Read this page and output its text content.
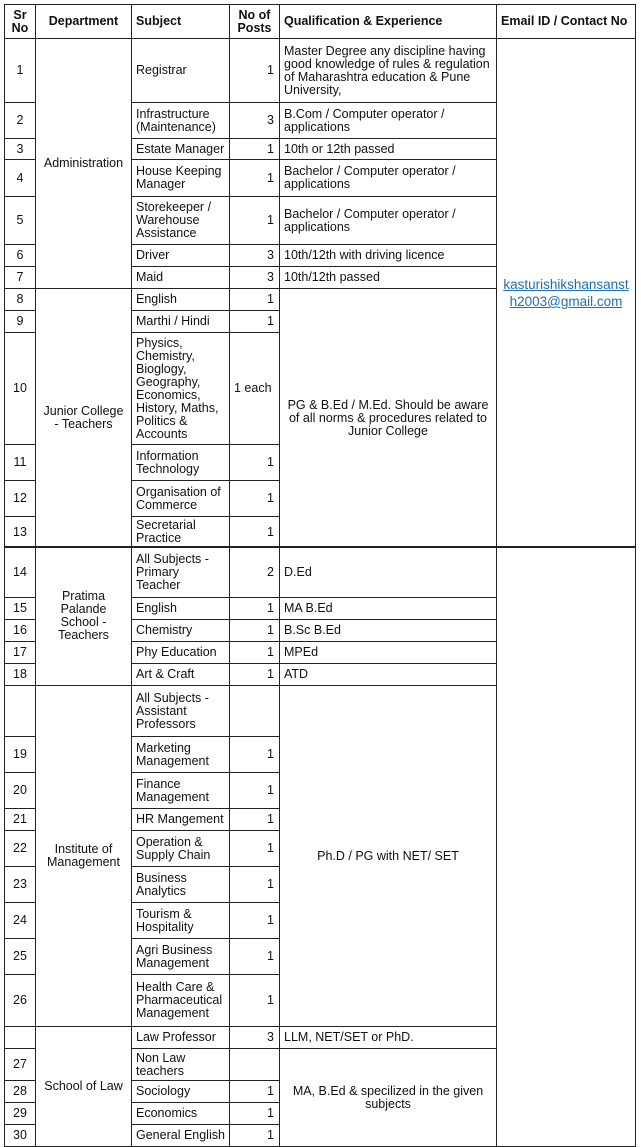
Sr No	Department	Subject	No of Posts	Qualification & Experience	Email ID / Contact No
1	Administration	Registrar	1	Master Degree any discipline having good knowledge of rules & regulation of Maharashtra education & Pune University,	kasturishikshansansth2003@gmail.com
2		Infrastructure (Maintenance)	3	B.Com / Computer operator / applications	
3		Estate Manager	1	10th or 12th passed	
4		House Keeping Manager	1	Bachelor / Computer operator / applications	
5		Storekeeper / Warehouse Assistance	1	Bachelor / Computer operator / applications	
6		Driver	3	10th/12th with driving licence	
7		Maid	3	10th/12th passed	
8	Junior College - Teachers	English	1	PG & B.Ed / M.Ed. Should be aware of all norms & procedures related to Junior College	
9		Marthi / Hindi	1		
10		Physics, Chemistry, Bioglogy, Geography, Economics, History, Maths, Politics & Accounts	1 each		
11		Information Technology	1		
12		Organisation of Commerce	1		
13		Secretarial Practice	1		
14	Pratima Palande School - Teachers	All Subjects - Primary Teacher	2	D.Ed	
15		English	1	MA B.Ed	
16		Chemistry	1	B.Sc B.Ed	
17		Phy Education	1	MPEd	
18		Art & Craft	1	ATD	
	Institute of Management	All Subjects - Assistant Professors		Ph.D / PG with NET/ SET	
19		Marketing Management	1		
20		Finance Management	1		
21		HR Mangement	1		
22		Operation & Supply Chain	1		
23		Business Analytics	1		
24		Tourism & Hospitality	1		
25		Agri Business Management	1		
26		Health Care & Pharmaceutical Management	1		
	School of Law	Law Professor	3	LLM, NET/SET or PhD.	
27		Non Law teachers		MA, B.Ed & specilized in the given subjects	
28		Sociology	1		
29		Economics	1		
30		General English	1		
